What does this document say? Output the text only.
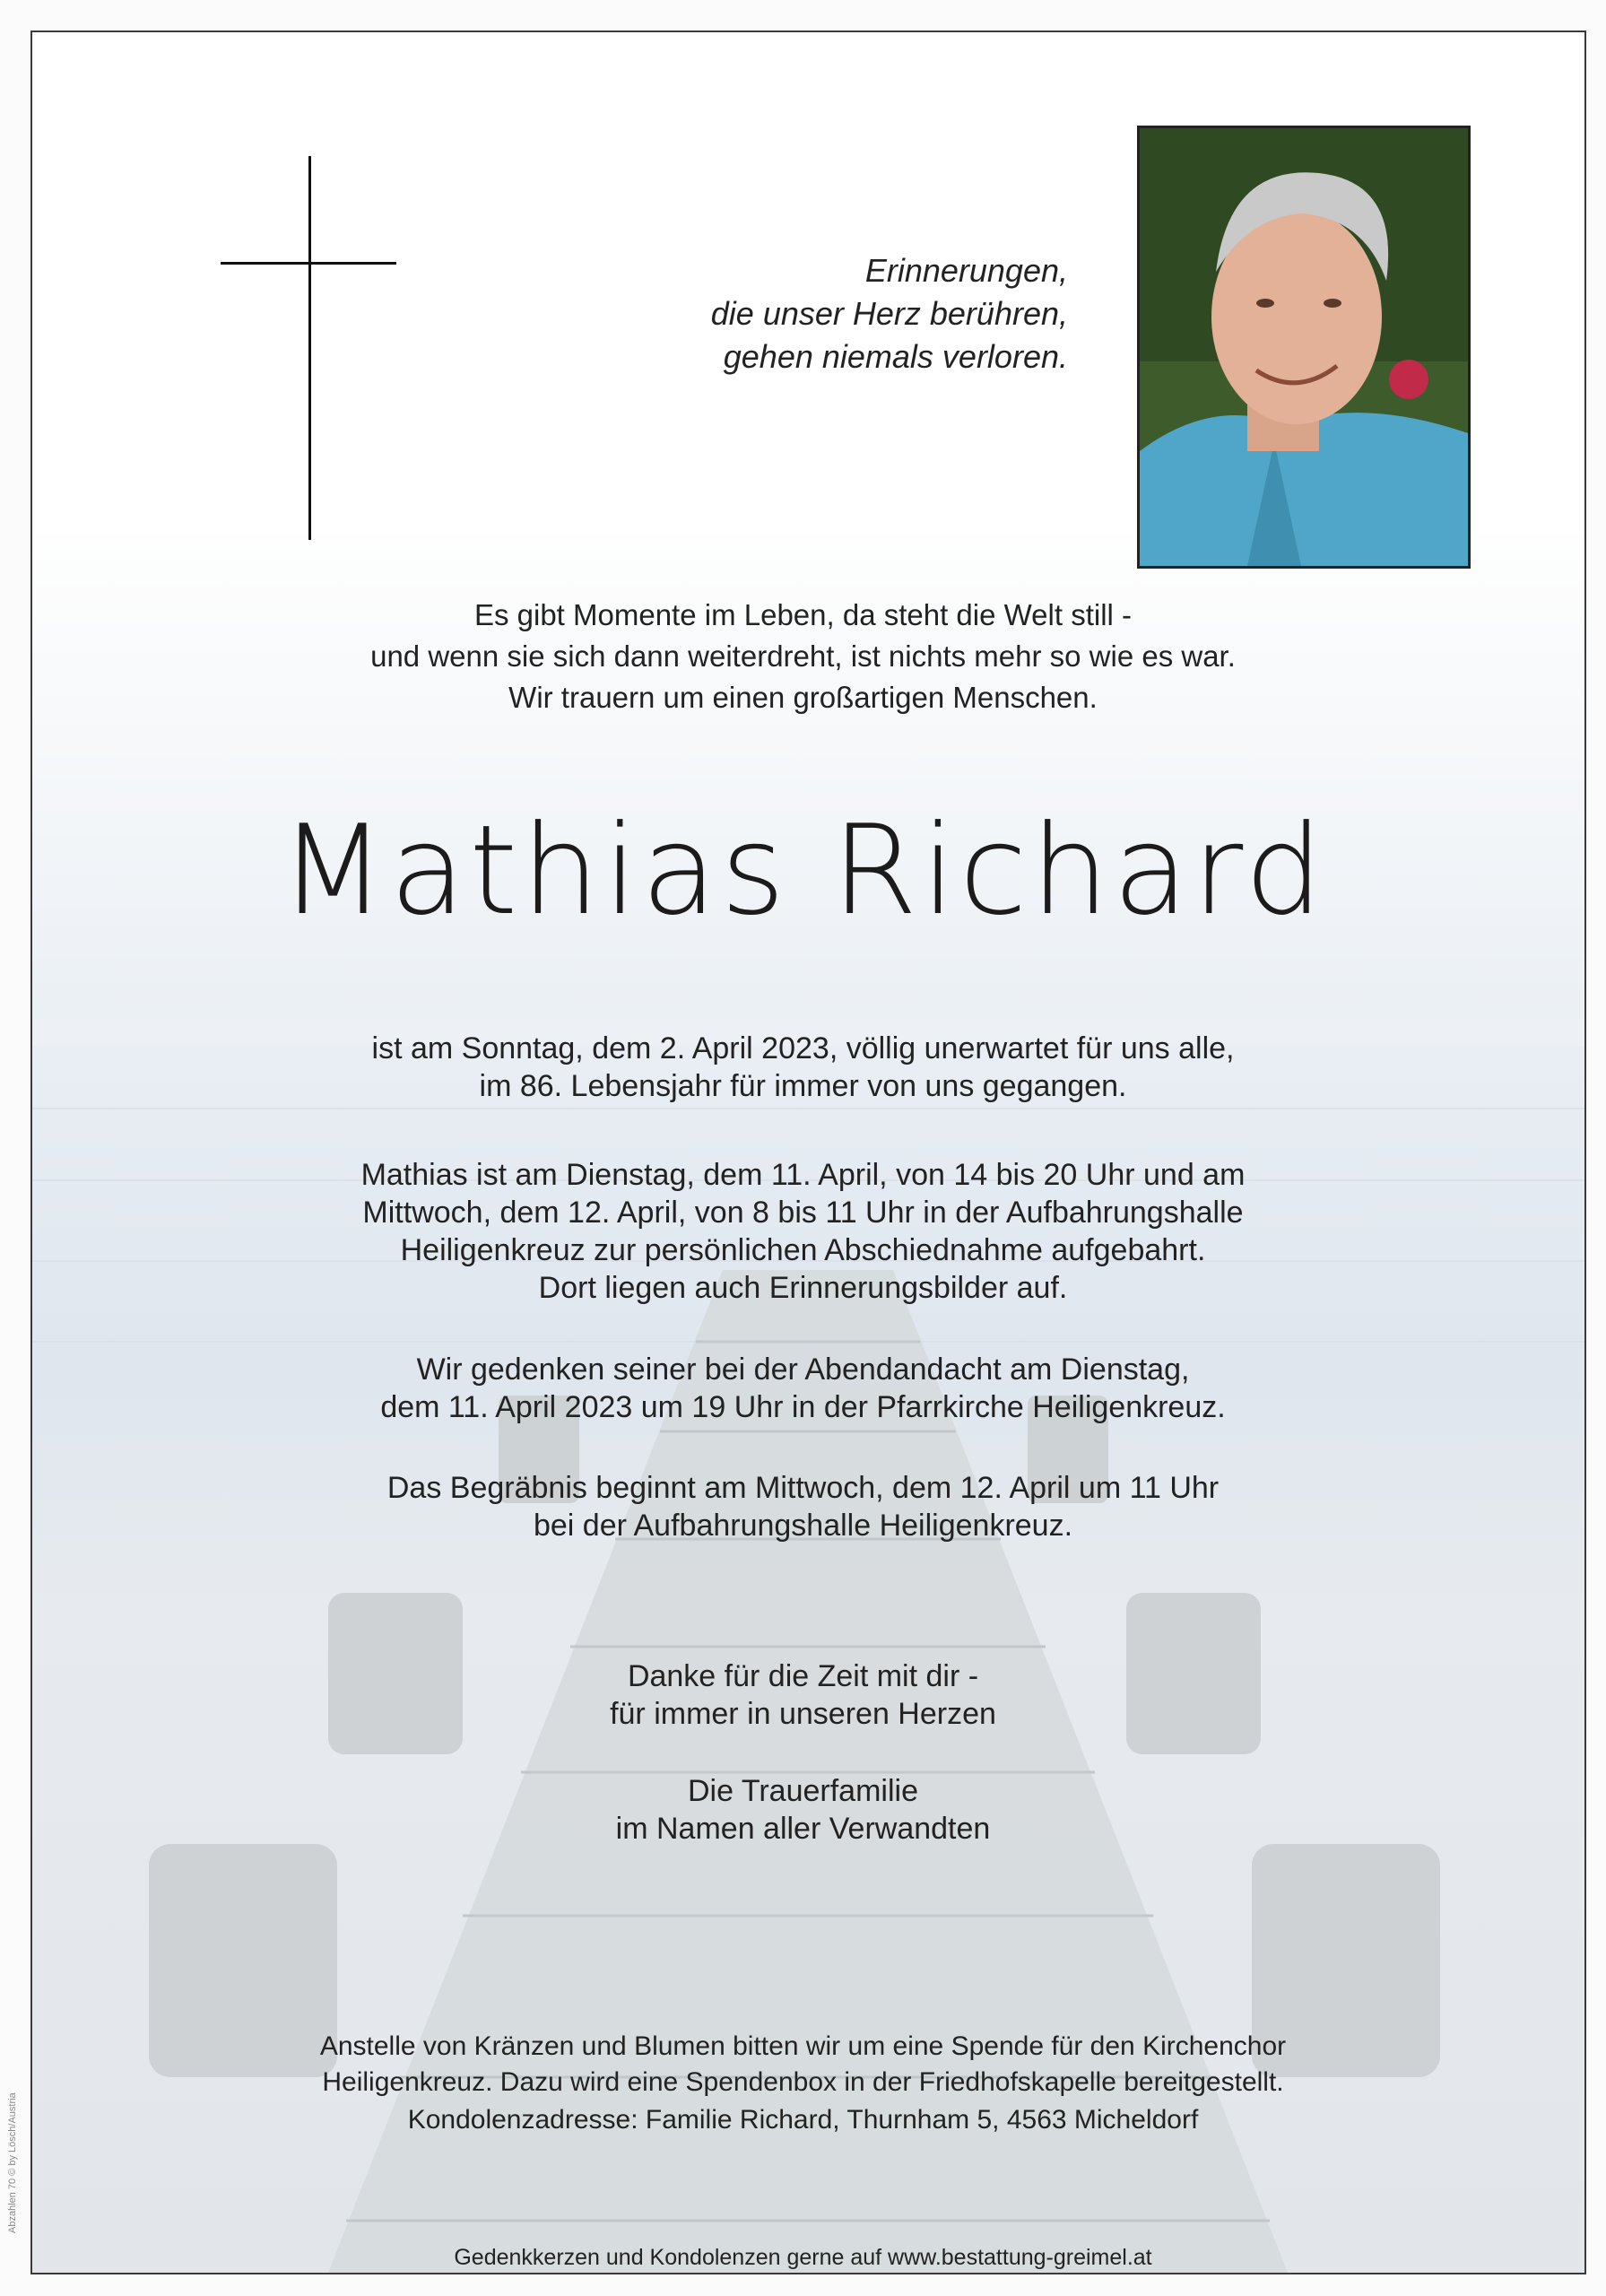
Erinnerungen,
die unser Herz berühren,
gehen niemals verloren.
Es gibt Momente im Leben, da steht die Welt still -
und wenn sie sich dann weiterdreht, ist nichts mehr so wie es war.
Wir trauern um einen großartigen Menschen.
Mathias Richard
ist am Sonntag, dem 2. April 2023, völlig unerwartet für uns alle,
im 86. Lebensjahr für immer von uns gegangen.
Mathias ist am Dienstag, dem 11. April, von 14 bis 20 Uhr und am
Mittwoch, dem 12. April, von 8 bis 11 Uhr in der Aufbahrungshalle
Heiligenkreuz zur persönlichen Abschiednahme aufgebahrt.
Dort liegen auch Erinnerungsbilder auf.
Wir gedenken seiner bei der Abendandacht am Dienstag,
dem 11. April 2023 um 19 Uhr in der Pfarrkirche Heiligenkreuz.
Das Begräbnis beginnt am Mittwoch, dem 12. April um 11 Uhr
bei der Aufbahrungshalle Heiligenkreuz.
Danke für die Zeit mit dir -
für immer in unseren Herzen
Die Trauerfamilie
im Namen aller Verwandten
Anstelle von Kränzen und Blumen bitten wir um eine Spende für den Kirchenchor
Heiligenkreuz. Dazu wird eine Spendenbox in der Friedhofskapelle bereitgestellt.
Kondolenzadresse: Familie Richard, Thurnham 5, 4563 Micheldorf
Gedenkkerzen und Kondolenzen gerne auf www.bestattung-greimel.at
Abzahlen 70 © by Lösch/Austria
